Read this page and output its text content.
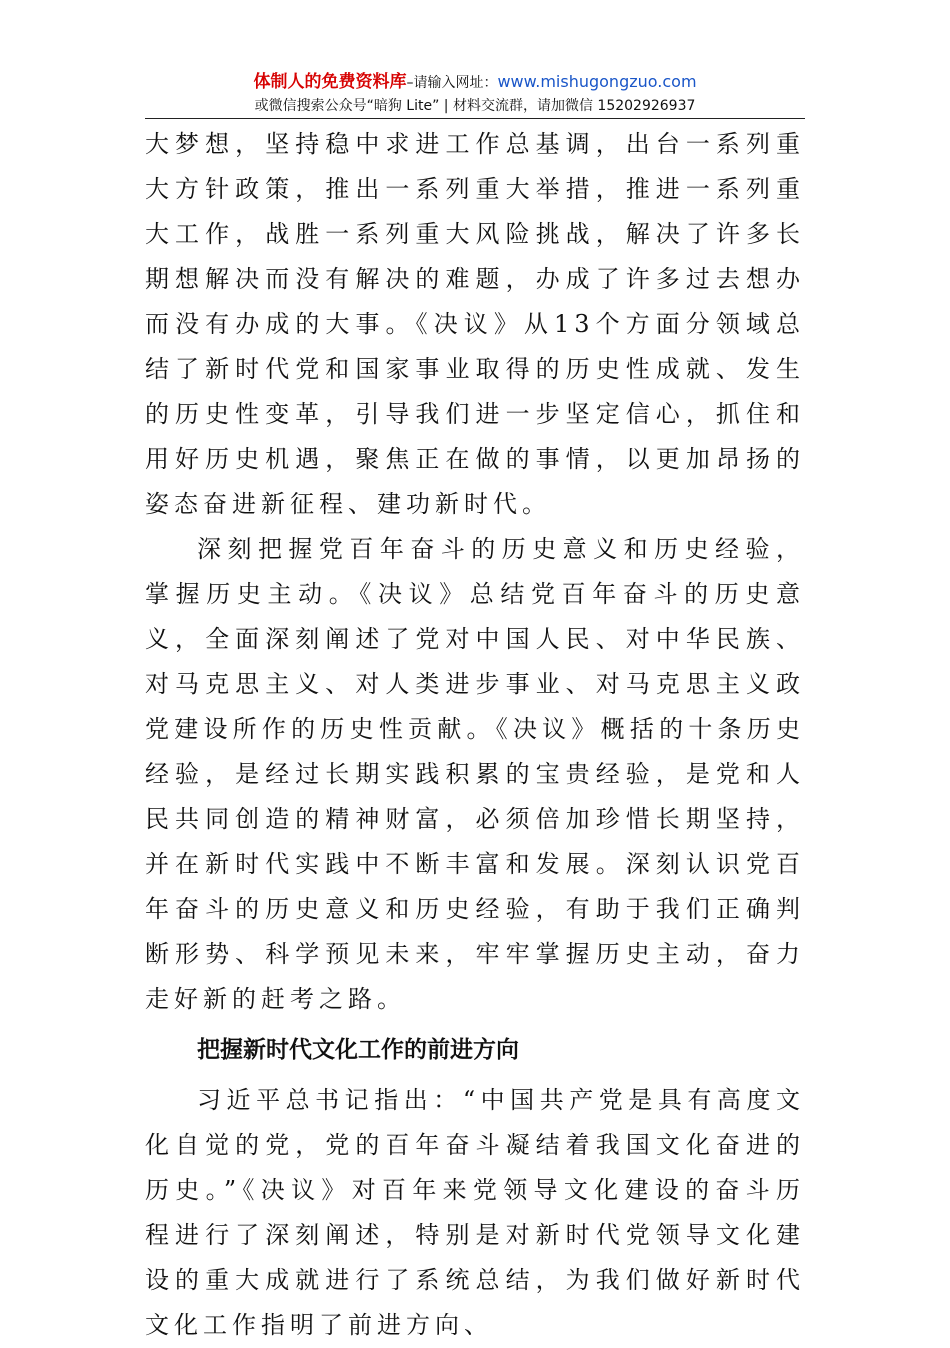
体制人的免费资料库–请输入网址：www.mishugongzuo.com
或微信搜索公众号“暗狗 Lite” | 材料交流群，请加微信 15202926937

大梦想，坚持稳中求进工作总基调，出台一系列重大方针政策，推出一系列重大举措，推进一系列重大工作，战胜一系列重大风险挑战，解决了许多长期想解决而没有解决的难题，办成了许多过去想办而没有办成的大事。《决议》从13个方面分领域总结了新时代党和国家事业取得的历史性成就、发生的历史性变革，引导我们进一步坚定信心，抓住和用好历史机遇，聚焦正在做的事情，以更加昂扬的姿态奋进新征程、建功新时代。

深刻把握党百年奋斗的历史意义和历史经验，掌握历史主动。《决议》总结党百年奋斗的历史意义，全面深刻阐述了党对中国人民、对中华民族、对马克思主义、对人类进步事业、对马克思主义政党建设所作的历史性贡献。《决议》概括的十条历史经验，是经过长期实践积累的宝贵经验，是党和人民共同创造的精神财富，必须倍加珍惜长期坚持，并在新时代实践中不断丰富和发展。深刻认识党百年奋斗的历史意义和历史经验，有助于我们正确判断形势、科学预见未来，牢牢掌握历史主动，奋力走好新的赶考之路。

把握新时代文化工作的前进方向

习近平总书记指出：“中国共产党是具有高度文化自觉的党，党的百年奋斗凝结着我国文化奋进的历史。”《决议》对百年来党领导文化建设的奋斗历程进行了深刻阐述，特别是对新时代党领导文化建设的重大成就进行了系统总结，为我们做好新时代文化工作指明了前进方向、
